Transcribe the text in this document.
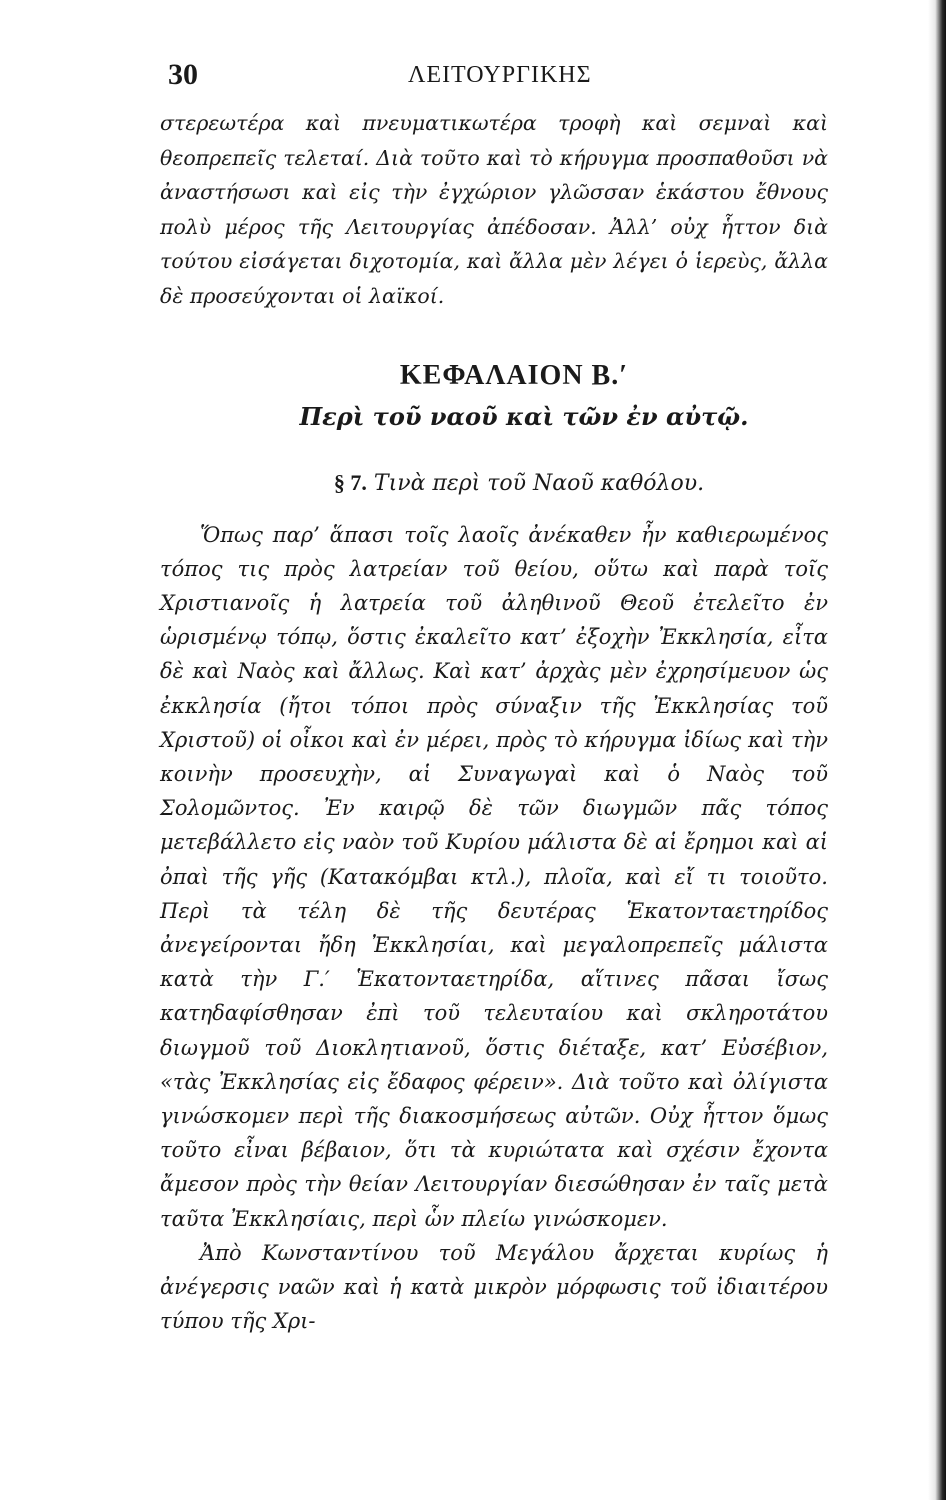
30	ΛΕΙΤΟΥΡΓΙΚΗΣ

στερεωτέρα καὶ πνευματικωτέρα τροφὴ καὶ σεμναὶ καὶ θεοπρεπεῖς τελεταί. Διὰ τοῦτο καὶ τὸ κήρυγμα προσπαθοῦσι νὰ ἀναστήσωσι καὶ εἰς τὴν ἐγχώριον γλῶσσαν ἑκάστου ἔθνους πολὺ μέρος τῆς Λειτουργίας ἀπέδοσαν. Ἀλλ’ οὐχ ἧττον διὰ τούτου εἰσάγεται διχοτομία, καὶ ἄλλα μὲν λέγει ὁ ἱερεὺς, ἄλλα δὲ προσεύχονται οἱ λαϊκοί.

ΚΕΦΑΛΑΙΟΝ Β.′
Περὶ τοῦ ναοῦ καὶ τῶν ἐν αὐτῷ.
§ 7. Τινὰ περὶ τοῦ Ναοῦ καθόλου.

Ὅπως παρ’ ἅπασι τοῖς λαοῖς ἀνέκαθεν ἦν καθιερωμένος τόπος τις πρὸς λατρείαν τοῦ θείου, οὕτω καὶ παρὰ τοῖς Χριστιανοῖς ἡ λατρεία τοῦ ἀληθινοῦ Θεοῦ ἐτελεῖτο ἐν ὡρισμένῳ τόπῳ, ὅστις ἐκαλεῖτο κατ’ ἐξοχὴν Ἐκκλησία, εἶτα δὲ καὶ Ναὸς καὶ ἄλλως. Καὶ κατ’ ἀρχὰς μὲν ἐχρησίμευον ὡς ἐκκλησία (ἤτοι τόποι πρὸς σύναξιν τῆς Ἐκκλησίας τοῦ Χριστοῦ) οἱ οἶκοι καὶ ἐν μέρει, πρὸς τὸ κήρυγμα ἰδίως καὶ τὴν κοινὴν προσευχὴν, αἱ Συναγωγαὶ καὶ ὁ Ναὸς τοῦ Σολομῶντος. Ἐν καιρῷ δὲ τῶν διωγμῶν πᾶς τόπος μετεβάλλετο εἰς ναὸν τοῦ Κυρίου μάλιστα δὲ αἱ ἔρημοι καὶ αἱ ὀπαὶ τῆς γῆς (Κατακόμβαι κτλ.), πλοῖα, καὶ εἴ τι τοιοῦτο. Περὶ τὰ τέλη δὲ τῆς δευτέρας Ἑκατονταετηρίδος ἀνεγείρονται ἤδη Ἐκκλησίαι, καὶ μεγαλοπρεπεῖς μάλιστα κατὰ τὴν Γ.′ Ἑκατονταετηρίδα, αἵτινες πᾶσαι ἴσως κατηδαφίσθησαν ἐπὶ τοῦ τελευταίου καὶ σκληροτάτου διωγμοῦ τοῦ Διοκλητιανοῦ, ὅστις διέταξε, κατ’ Εὐσέβιον, «τὰς Ἐκκλησίας εἰς ἔδαφος φέρειν». Διὰ τοῦτο καὶ ὀλίγιστα γινώσκομεν περὶ τῆς διακοσμήσεως αὐτῶν. Οὐχ ἧττον ὅμως τοῦτο εἶναι βέβαιον, ὅτι τὰ κυριώτατα καὶ σχέσιν ἔχοντα ἄμεσον πρὸς τὴν θείαν Λειτουργίαν διεσώθησαν ἐν ταῖς μετὰ ταῦτα Ἐκκλησίαις, περὶ ὧν πλείω γινώσκομεν.

Ἀπὸ Κωνσταντίνου τοῦ Μεγάλου ἄρχεται κυρίως ἡ ἀνέγερσις ναῶν καὶ ἡ κατὰ μικρὸν μόρφωσις τοῦ ἰδιαιτέρου τύπου τῆς Χρι-
